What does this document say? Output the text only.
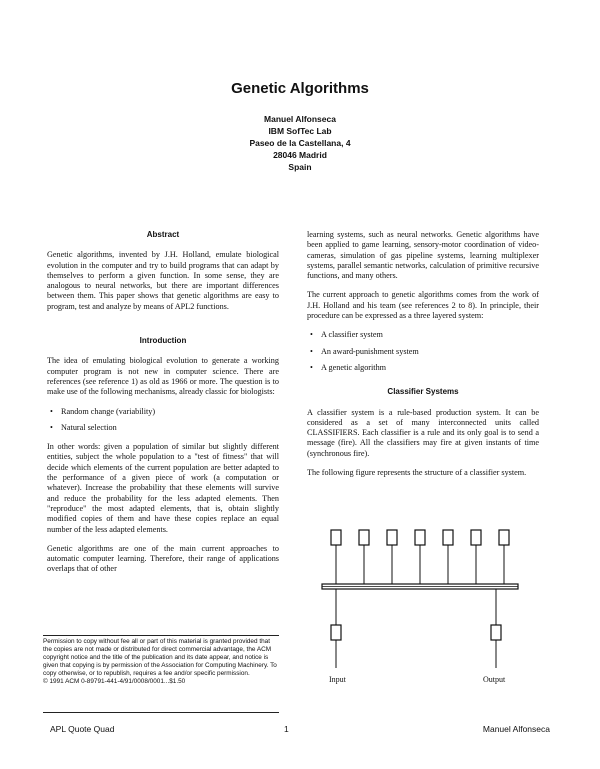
Genetic Algorithms
Manuel Alfonseca
IBM SofTec Lab
Paseo de la Castellana, 4
28046 Madrid
Spain
Abstract

Genetic algorithms, invented by J.H. Holland, emulate biological evolution in the computer and try to build programs that can adapt by themselves to perform a given function. In some sense, they are analogous to neural networks, but there are important differences between them. This paper shows that genetic algorithms are easy to program, test and analyze by means of APL2 functions.

Introduction

The idea of emulating biological evolution to generate a working computer program is not new in computer science. There are references (see reference 1) as old as 1966 or more. The question is to make use of the following mechanisms, already classic for biologists:

• Random change (variability)
• Natural selection

In other words: given a population of similar but slightly different entities, subject the whole population to a "test of fitness" that will decide which elements of the current population are better adapted to the performance of a given piece of work (a computation or whatever). Increase the probability that these elements will survive and reduce the probability for the less adapted elements. Then "reproduce" the most adapted elements, that is, obtain slightly modified copies of them and have these copies replace an equal number of the less adapted elements.

Genetic algorithms are one of the main current approaches to automatic computer learning. Therefore, their range of applications overlaps that of other

learning systems, such as neural networks. Genetic algorithms have been applied to game learning, sensory-motor coordination of video-cameras, simulation of gas pipeline systems, learning multiplexer systems, parallel semantic networks, calculation of primitive recursive functions, and many others.

The current approach to genetic algorithms comes from the work of J.H. Holland and his team (see references 2 to 8). In principle, their procedure can be expressed as a three layered system:

• A classifier system
• An award-punishment system
• A genetic algorithm
Classifier Systems

A classifier system is a rule-based production system. It can be considered as a set of many interconnected units called CLASSIFIERS. Each classifier is a rule and its only goal is to send a message (fire). All the classifiers may fire at given instants of time (synchronous fire).

The following figure represents the structure of a classifier system.

Input	Output

Permission to copy without fee all or part of this material is granted provided that the copies are not made or distributed for direct commercial advantage, the ACM copyright notice and the title of the publication and its date appear, and notice is given that copying is by permission of the Association for Computing Machinery. To copy otherwise, or to republish, requires a fee and/or specific permission.

© 1991 ACM 0-89791-441-4/91/0008/0001...$1.50

APL Quote Quad	1	Manuel Alfonseca
